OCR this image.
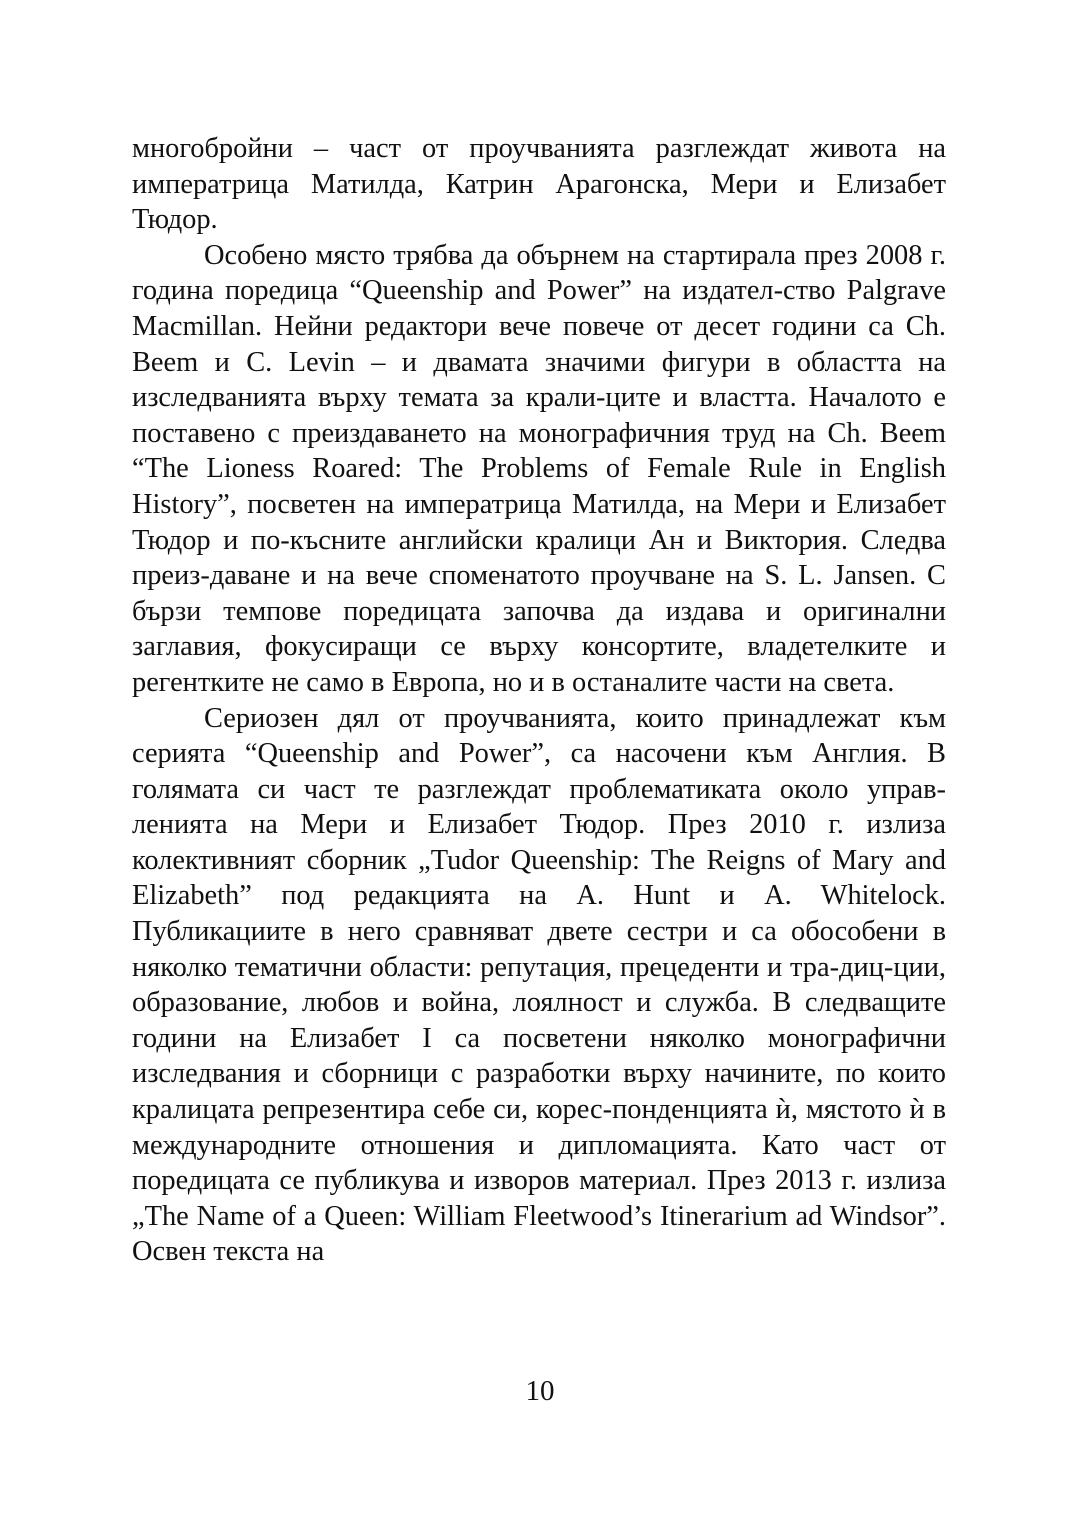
многобройни – част от проучванията разглеждат живота на императрица Матилда, Катрин Арагонска, Мери и Елизабет Тюдор.

Особено място трябва да обърнем на стартирала през 2008 г. година поредица “Queenship and Power” на издател-ство Palgrave Macmillan. Нейни редактори вече повече от десет години са Ch. Beem и C. Levin – и двамата значими фигури в областта на изследванията върху темата за крали-ците и властта. Началото е поставено с преиздаването на монографичния труд на Ch. Beem “The Lioness Roared: The Problems of Female Rule in English History”, посветен на императрица Матилда, на Мери и Елизабет Тюдор и по-късните английски кралици Ан и Виктория. Следва преиз-даване и на вече споменатото проучване на S. L. Jansen. С бързи темпове поредицата започва да издава и оригинални заглавия, фокусиращи се върху консортите, владетелките и регентките не само в Европа, но и в останалите части на света.

Сериозен дял от проучванията, които принадлежат към серията “Queenship and Power”, са насочени към Англия. В голямата си част те разглеждат проблематиката около управ-ленията на Мери и Елизабет Тюдор. През 2010 г. излиза колективният сборник „Tudor Queenship: The Reigns of Mary and Elizabeth” под редакцията на A. Hunt и A. Whitelock. Публикациите в него сравняват двете сестри и са обособени в няколко тематични области: репутация, прецеденти и тра-диц-ции, образование, любов и война, лоялност и служба. В следващите години на Елизабет I са посветени няколко монографични изследвания и сборници с разработки върху начините, по които кралицата репрезентира себе си, корес-понденцията ѝ, мястото ѝ в международните отношения и дипломацията. Като част от поредицата се публикува и изворов материал. През 2013 г. излиза „The Name of a Queen: William Fleetwood’s Itinerarium ad Windsor”. Освен текста на

10
